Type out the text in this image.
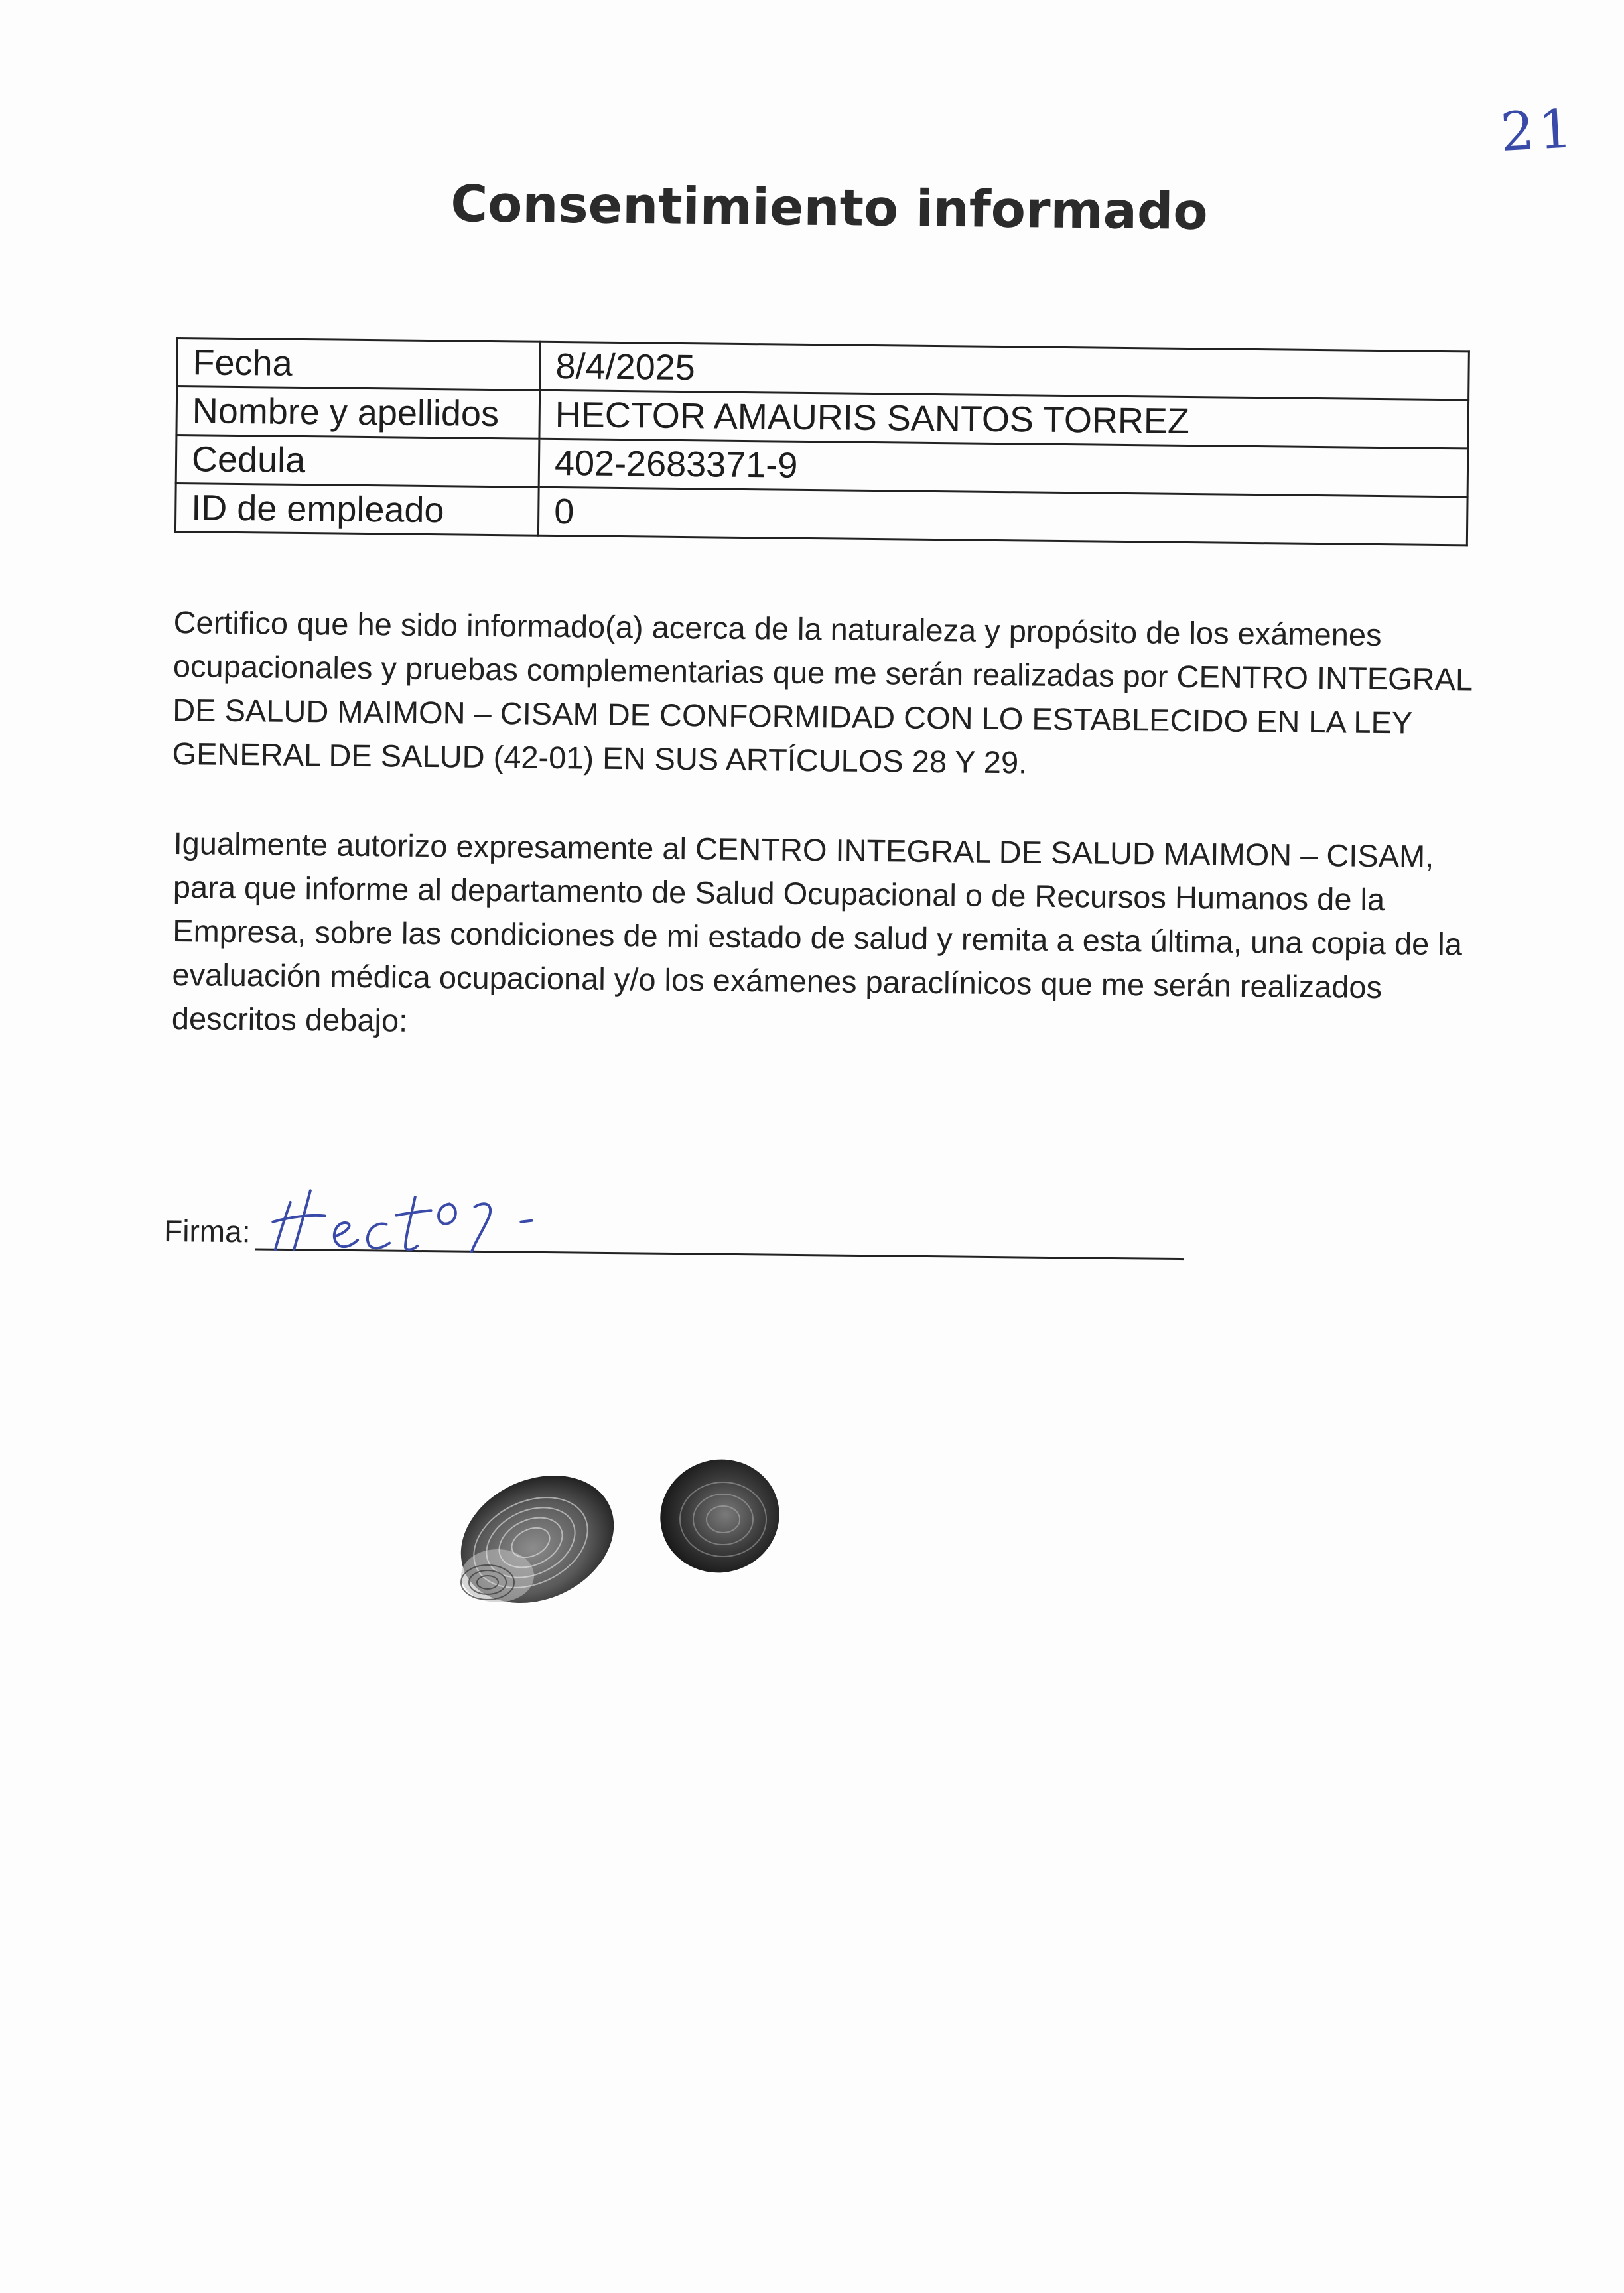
21
Consentimiento informado
Fecha	8/4/2025
Nombre y apellidos	HECTOR AMAURIS SANTOS TORREZ
Cedula	402-2683371-9
ID de empleado	0
Certifico que he sido informado(a) acerca de la naturaleza y propósito de los exámenes ocupacionales y pruebas complementarias que me serán realizadas por CENTRO INTEGRAL DE SALUD MAIMON – CISAM DE CONFORMIDAD CON LO ESTABLECIDO EN LA LEY GENERAL DE SALUD (42-01) EN SUS ARTÍCULOS 28 Y 29.
Igualmente autorizo expresamente al CENTRO INTEGRAL DE SALUD MAIMON – CISAM, para que informe al departamento de Salud Ocupacional o de Recursos Humanos de la Empresa, sobre las condiciones de mi estado de salud y remita a esta última, una copia de la evaluación médica ocupacional y/o los exámenes paraclínicos que me serán realizados descritos debajo:
Firma:
